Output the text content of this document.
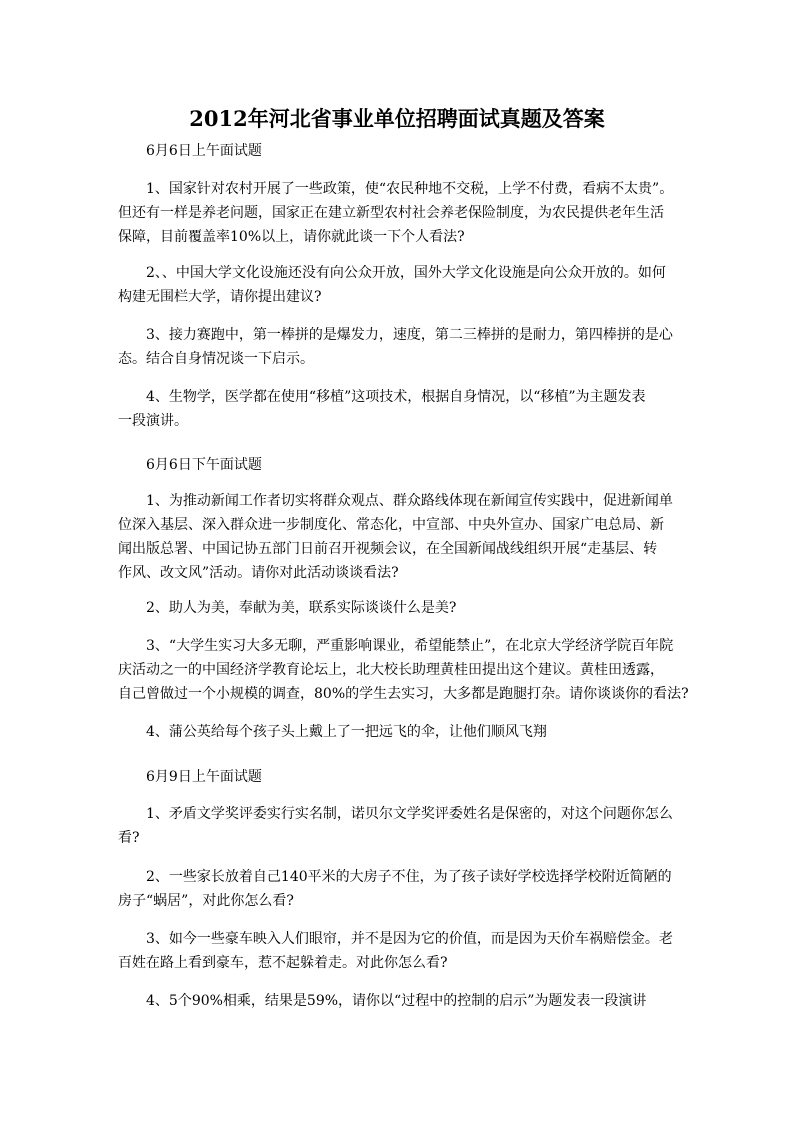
2012年河北省事业单位招聘面试真题及答案

6月6日上午面试题

1、国家针对农村开展了一些政策，使“农民种地不交税，上学不付费，看病不太贵”。
但还有一样是养老问题，国家正在建立新型农村社会养老保险制度，为农民提供老年生活
保障，目前覆盖率10%以上，请你就此谈一下个人看法?
2、、中国大学文化设施还没有向公众开放，国外大学文化设施是向公众开放的。如何
构建无围栏大学，请你提出建议?
3、接力赛跑中，第一棒拼的是爆发力，速度，第二三棒拼的是耐力，第四棒拼的是心
态。结合自身情况谈一下启示。
4、生物学，医学都在使用“移植”这项技术，根据自身情况，以“移植”为主题发表
一段演讲。

6月6日下午面试题

1、为推动新闻工作者切实将群众观点、群众路线体现在新闻宣传实践中，促进新闻单
位深入基层、深入群众进一步制度化、常态化，中宣部、中央外宣办、国家广电总局、新
闻出版总署、中国记协五部门日前召开视频会议，在全国新闻战线组织开展“走基层、转
作风、改文风”活动。请你对此活动谈谈看法?
2、助人为美，奉献为美，联系实际谈谈什么是美?
3、“大学生实习大多无聊，严重影响课业，希望能禁止”，在北京大学经济学院百年院
庆活动之一的中国经济学教育论坛上，北大校长助理黄桂田提出这个建议。黄桂田透露，
自己曾做过一个小规模的调查，80%的学生去实习，大多都是跑腿打杂。请你谈谈你的看法?
4、蒲公英给每个孩子头上戴上了一把远飞的伞，让他们顺风飞翔

6月9日上午面试题

1、矛盾文学奖评委实行实名制，诺贝尔文学奖评委姓名是保密的，对这个问题你怎么
看?
2、一些家长放着自己140平米的大房子不住，为了孩子读好学校选择学校附近简陋的
房子“蜗居”，对此你怎么看?
3、如今一些豪车映入人们眼帘，并不是因为它的价值，而是因为天价车祸赔偿金。老
百姓在路上看到豪车，惹不起躲着走。对此你怎么看?
4、5个90%相乘，结果是59%，请你以“过程中的控制的启示”为题发表一段演讲
